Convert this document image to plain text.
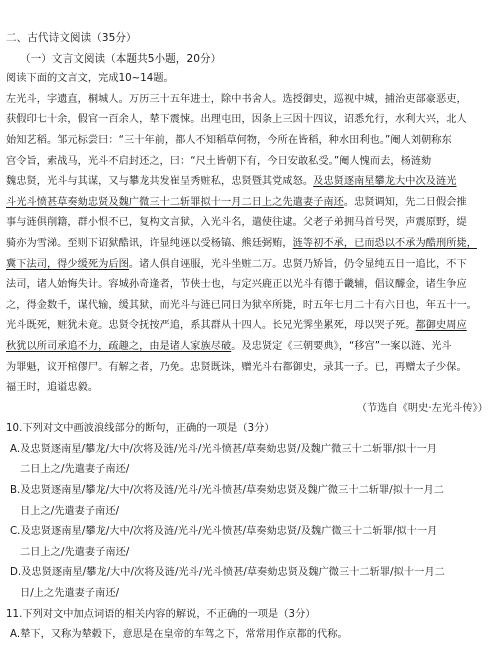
二、古代诗文阅读（35分）
（一）文言文阅读（本题共5小题，20分）
阅读下面的文言文，完成10~14题。
左光斗，字遗直，桐城人。万历三十五年进士，除中书舍人。选授御史，巡视中城，捕治吏部豪恶吏，
获假印七十余，假官一百余人，辇下震悚。出理屯田，因条上三因十四议，诏悉允行，水利大兴，北人
始知艺稻。邹元标尝曰：“三十年前，都人不知稻草何物，今所在皆稻，种水田利也。”阉人刘朝称东
宫令旨，索战马，光斗不启封还之，曰：“尺土皆朝下有，今日安敢私受。”阉人愧而去，杨涟劾
魏忠贤，光斗与其谋，又与攀龙共发崔呈秀赃私，忠贤暨其党咸怒。及忠贤逐南星攀龙大中次及涟光
斗光斗愤甚草奏劾忠贤及魏广微三十二斩罪拟十一月二日上之先遣妻子南还。忠贤调知，先二日假会推
事与涟俱削籍，群小恨不已，复构文言狱，入光斗名，遣使往逮。父老子弟拥马首号哭，声震原野，缇
骑亦为雪涕。至则下诏狱酷讯，许显纯诬以受杨镐、熊廷弼贿，涟等初不承，已而恐以不承为酷刑所毙，
冀下法司，得少缓死为后图。诸人俱自诬服，光斗坐赃二万。忠贤乃矫旨，仍令显纯五日一追比，不下
法司，诸人始悔失计。容城孙奇逢者，节侠士也，与定兴鹿正以光斗有德于畿辅，倡议醵金，诸生争应
之，得金数千，谋代输，缓其狱，而光斗与涟已同日为狱卒所毙，时五年七月二十有六日也，年五十一。
光斗既死，赃犹未竟。忠贤令抚按严追，系其群从十四人。长兄光霁坐累死，母以哭子死。都御史周应
秋犹以所司承追不力，疏趣之，由是诸人家族尽破。及忠贤定《三朝要典》，“移宫”一案以涟、光斗
为罪魁，议开棺僇尸。有解之者，乃免。忠贤既诛，赠光斗右都御史，录其一子。已，再赠太子少保。
福王时，追谥忠毅。
（节选自《明史·左光斗传》）
10.下列对文中画波浪线部分的断句，正确的一项是（3分）
A.及忠贤逐南星/攀龙/大中/次将及涟/光斗/光斗愤甚/草奏劾忠贤/及魏广微三十二斩罪/拟十一月
二日上之/先遣妻子南还/
B.及忠贤逐南星/攀龙/大中/次将及涟/光斗/光斗愤甚/草奏劾忠贤及魏广微三十二斩罪/拟十一月二
日上之/先遣妻子南还/
C.及忠贤逐南星/攀龙/大中/次将及涟/光斗/光斗愤甚/草奏劾忠贤/及魏广微三十二斩罪/拟十一月
二日上之/先遣妻子南还/
D.及忠贤逐南星/攀龙/大中/次将及涟/光斗/光斗愤甚/草奏劾忠贤及魏广微三十二斩罪/拟十一月二
日/上之先遣妻子南还/
11.下列对文中加点词语的相关内容的解说，不正确的一项是（3分）
A.辇下，又称为辇毂下，意思是在皇帝的车驾之下，常常用作京都的代称。
